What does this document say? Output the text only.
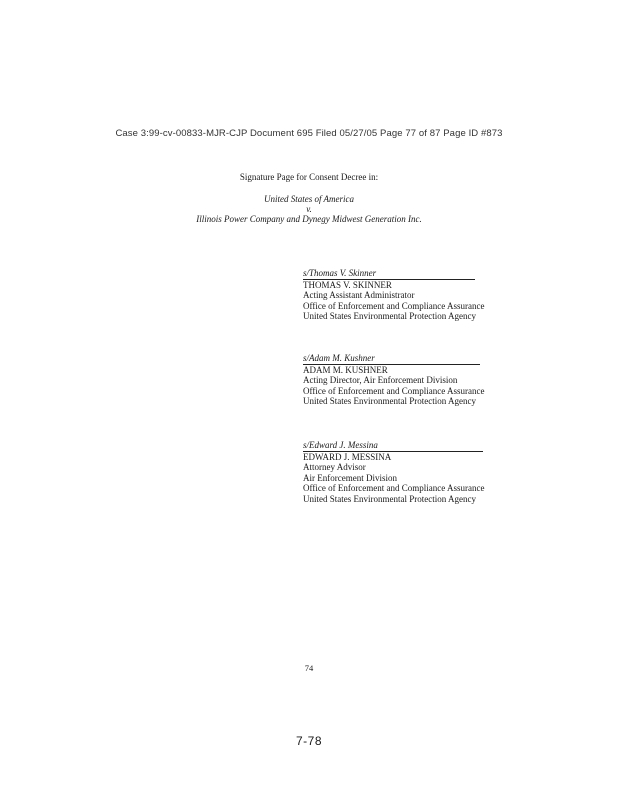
Case 3:99-cv-00833-MJR-CJP Document 695 Filed 05/27/05 Page 77 of 87 Page ID #873
Signature Page for Consent Decree in:
United States of America
v.
Illinois Power Company and Dynegy Midwest Generation Inc.
s/Thomas V. Skinner
THOMAS V. SKINNER
Acting Assistant Administrator
Office of Enforcement and Compliance Assurance
United States Environmental Protection Agency
s/Adam M. Kushner
ADAM M. KUSHNER
Acting Director, Air Enforcement Division
Office of Enforcement and Compliance Assurance
United States Environmental Protection Agency
s/Edward J. Messina
EDWARD J. MESSINA
Attorney Advisor
Air Enforcement Division
Office of Enforcement and Compliance Assurance
United States Environmental Protection Agency
74
7-78
